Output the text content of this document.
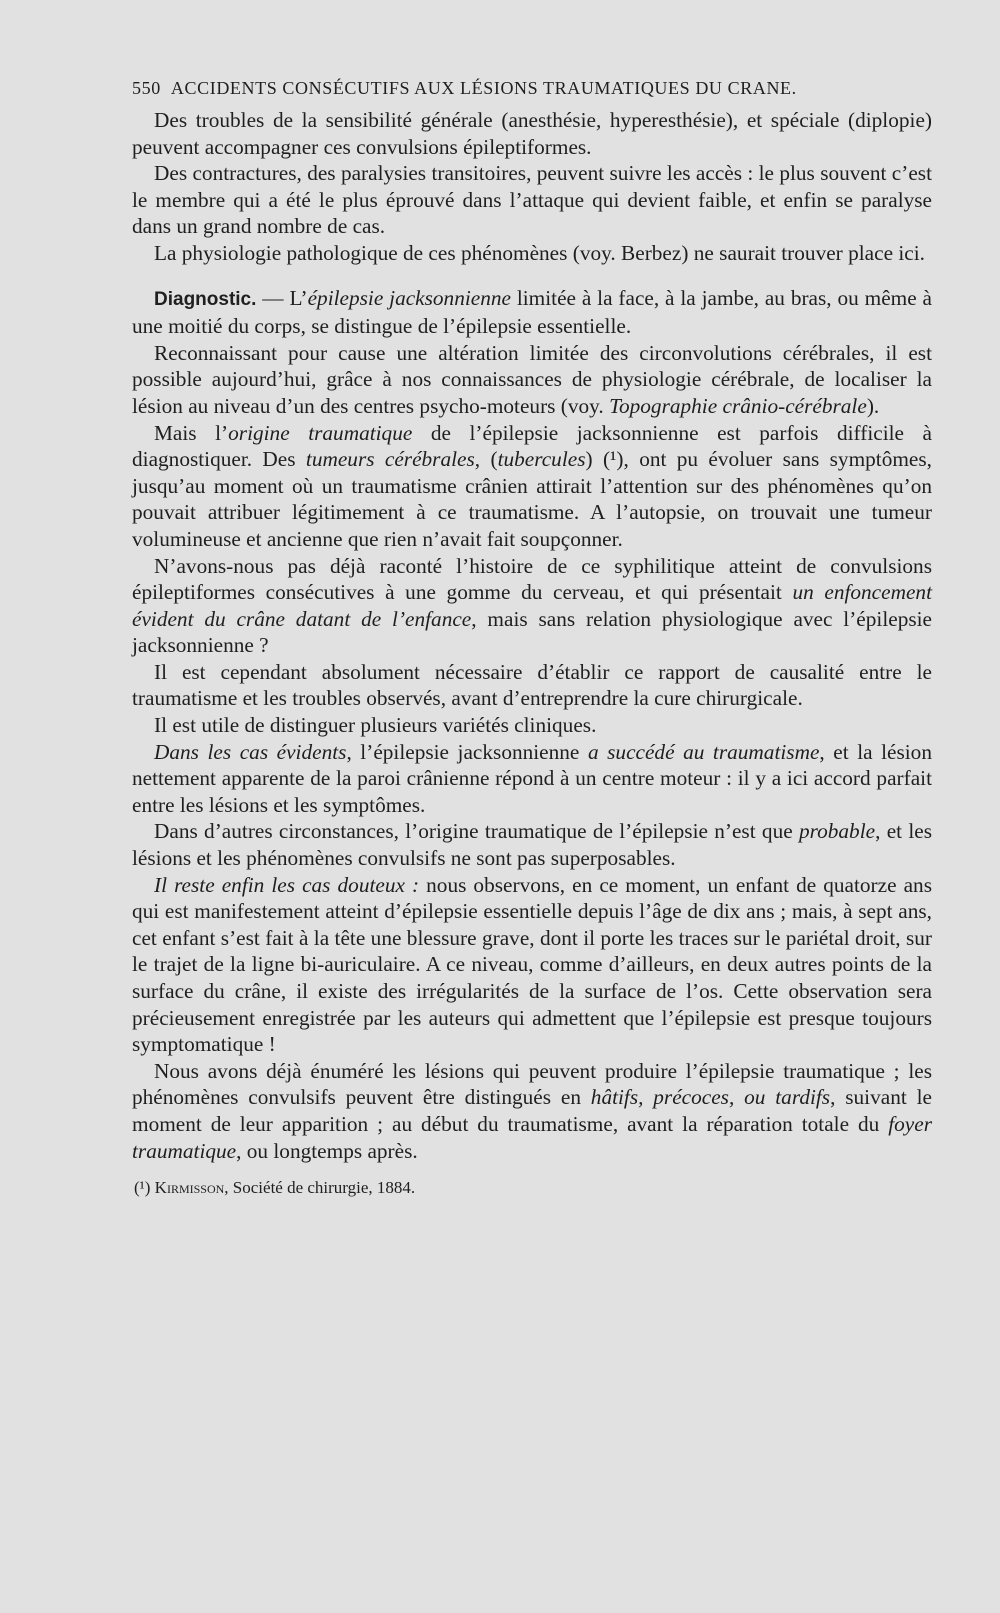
550 ACCIDENTS CONSÉCUTIFS AUX LÉSIONS TRAUMATIQUES DU CRANE.

Des troubles de la sensibilité générale (anesthésie, hyperesthésie), et spéciale (diplopie) peuvent accompagner ces convulsions épileptiformes.

Des contractures, des paralysies transitoires, peuvent suivre les accès : le plus souvent c’est le membre qui a été le plus éprouvé dans l’attaque qui devient faible, et enfin se paralyse dans un grand nombre de cas.

La physiologie pathologique de ces phénomènes (voy. Berbez) ne saurait trouver place ici.

Diagnostic. — L’épilepsie jacksonnienne limitée à la face, à la jambe, au bras, ou même à une moitié du corps, se distingue de l’épilepsie essentielle.

Reconnaissant pour cause une altération limitée des circonvolutions cérébrales, il est possible aujourd’hui, grâce à nos connaissances de physiologie cérébrale, de localiser la lésion au niveau d’un des centres psycho-moteurs (voy. Topographie crânio-cérébrale).

Mais l’origine traumatique de l’épilepsie jacksonnienne est parfois difficile à diagnostiquer. Des tumeurs cérébrales, (tubercules) (¹), ont pu évoluer sans symptômes, jusqu’au moment où un traumatisme crânien attirait l’attention sur des phénomènes qu’on pouvait attribuer légitimement à ce traumatisme. A l’autopsie, on trouvait une tumeur volumineuse et ancienne que rien n’avait fait soupçonner.

N’avons-nous pas déjà raconté l’histoire de ce syphilitique atteint de convulsions épileptiformes consécutives à une gomme du cerveau, et qui présentait un enfoncement évident du crâne datant de l’enfance, mais sans relation physiologique avec l’épilepsie jacksonnienne ?

Il est cependant absolument nécessaire d’établir ce rapport de causalité entre le traumatisme et les troubles observés, avant d’entreprendre la cure chirurgicale.

Il est utile de distinguer plusieurs variétés cliniques.

Dans les cas évidents, l’épilepsie jacksonnienne a succédé au traumatisme, et la lésion nettement apparente de la paroi crânienne répond à un centre moteur : il y a ici accord parfait entre les lésions et les symptômes.

Dans d’autres circonstances, l’origine traumatique de l’épilepsie n’est que probable, et les lésions et les phénomènes convulsifs ne sont pas superposables.

Il reste enfin les cas douteux : nous observons, en ce moment, un enfant de quatorze ans qui est manifestement atteint d’épilepsie essentielle depuis l’âge de dix ans ; mais, à sept ans, cet enfant s’est fait à la tête une blessure grave, dont il porte les traces sur le pariétal droit, sur le trajet de la ligne bi-auriculaire. A ce niveau, comme d’ailleurs, en deux autres points de la surface du crâne, il existe des irrégularités de la surface de l’os. Cette observation sera précieusement enregistrée par les auteurs qui admettent que l’épilepsie est presque toujours symptomatique !

Nous avons déjà énuméré les lésions qui peuvent produire l’épilepsie traumatique ; les phénomènes convulsifs peuvent être distingués en hâtifs, précoces, ou tardifs, suivant le moment de leur apparition ; au début du traumatisme, avant la réparation totale du foyer traumatique, ou longtemps après.

(¹) Kirmisson, Société de chirurgie, 1884.
